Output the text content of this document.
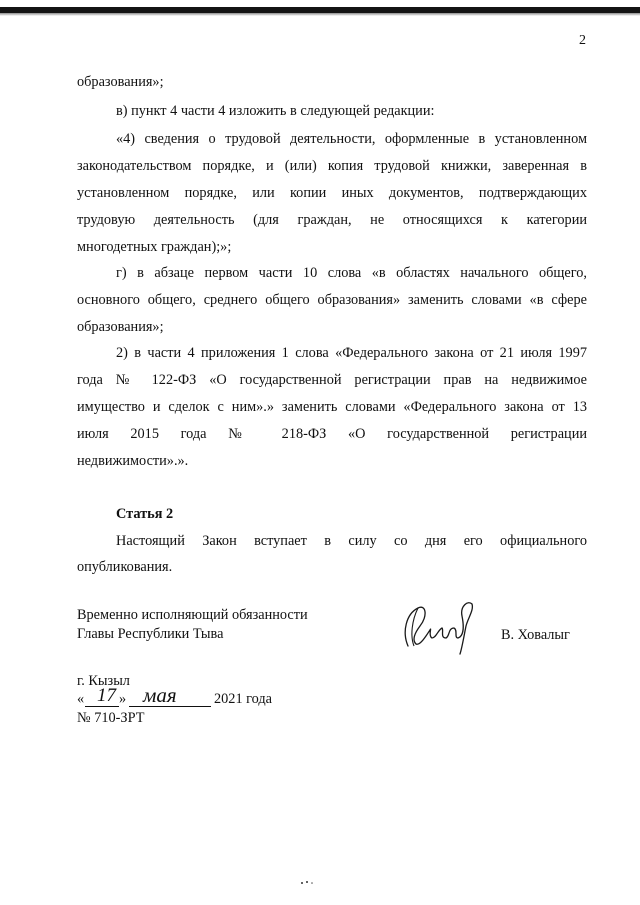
2
образования»;
в) пункт 4 части 4 изложить в следующей редакции:
«4) сведения о трудовой деятельности, оформленные в установленном
законодательством порядке, и (или) копия трудовой книжки, заверенная в
установленном порядке, или копии иных документов, подтверждающих
трудовую деятельность (для граждан, не относящихся к категории
многодетных граждан);»;
г) в абзаце первом части 10 слова «в областях начального общего,
основного общего, среднего общего образования» заменить словами «в сфере
образования»;
2) в части 4 приложения 1 слова «Федерального закона от 21 июля 1997
года № 122-ФЗ «О государственной регистрации прав на недвижимое
имущество и сделок с ним».» заменить словами «Федерального закона от 13
июля 2015 года № 218-ФЗ «О государственной регистрации
недвижимости».».
Статья 2
Настоящий Закон вступает в силу со дня его официального
опубликования.
Временно исполняющий обязанности
Главы Республики Тыва	В. Ховалыг
г. Кызыл
« 17 » мая	2021 года
№ 710-ЗРТ
